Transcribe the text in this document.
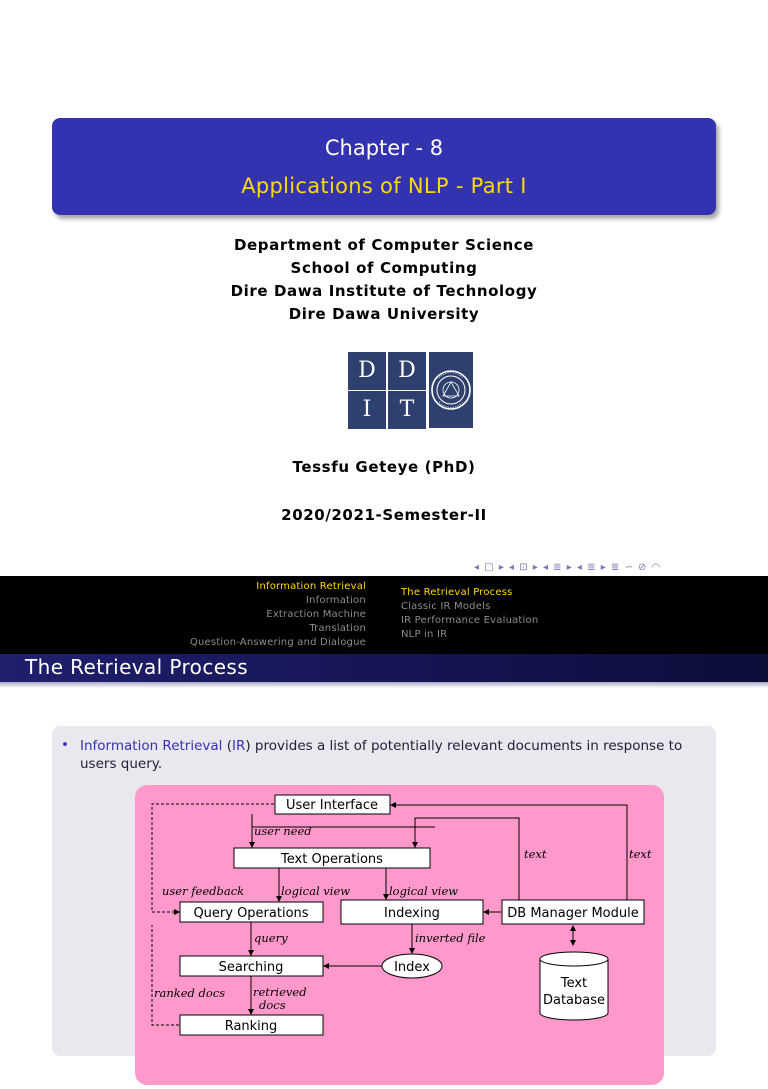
Chapter - 8
Applications of NLP - Part I
Department of Computer Science
School of Computing
Dire Dawa Institute of Technology
Dire Dawa University
D	D
I	T
Tessfu Geteye (PhD)
2020/2021-Semester-II
◂ □ ▸ ◂ ⊡ ▸ ◂ ≣ ▸ ◂ ≣ ▸ ≣ ∽ ⊘ ◠
Information Retrieval
Information
Extraction Machine
Translation
Question-Answering and Dialogue
The Retrieval Process
Classic IR Models
IR Performance Evaluation
NLP in IR
The Retrieval Process
• Information Retrieval (IR) provides a list of potentially relevant documents in response to users query.
User Interface
Text Operations
Query Operations	Indexing	DB Manager Module
Searching	Index
Text
Database
Ranking
user need
text	text
logical view	logical view
user feedback
query	inverted file
retrieved
docs
ranked docs
